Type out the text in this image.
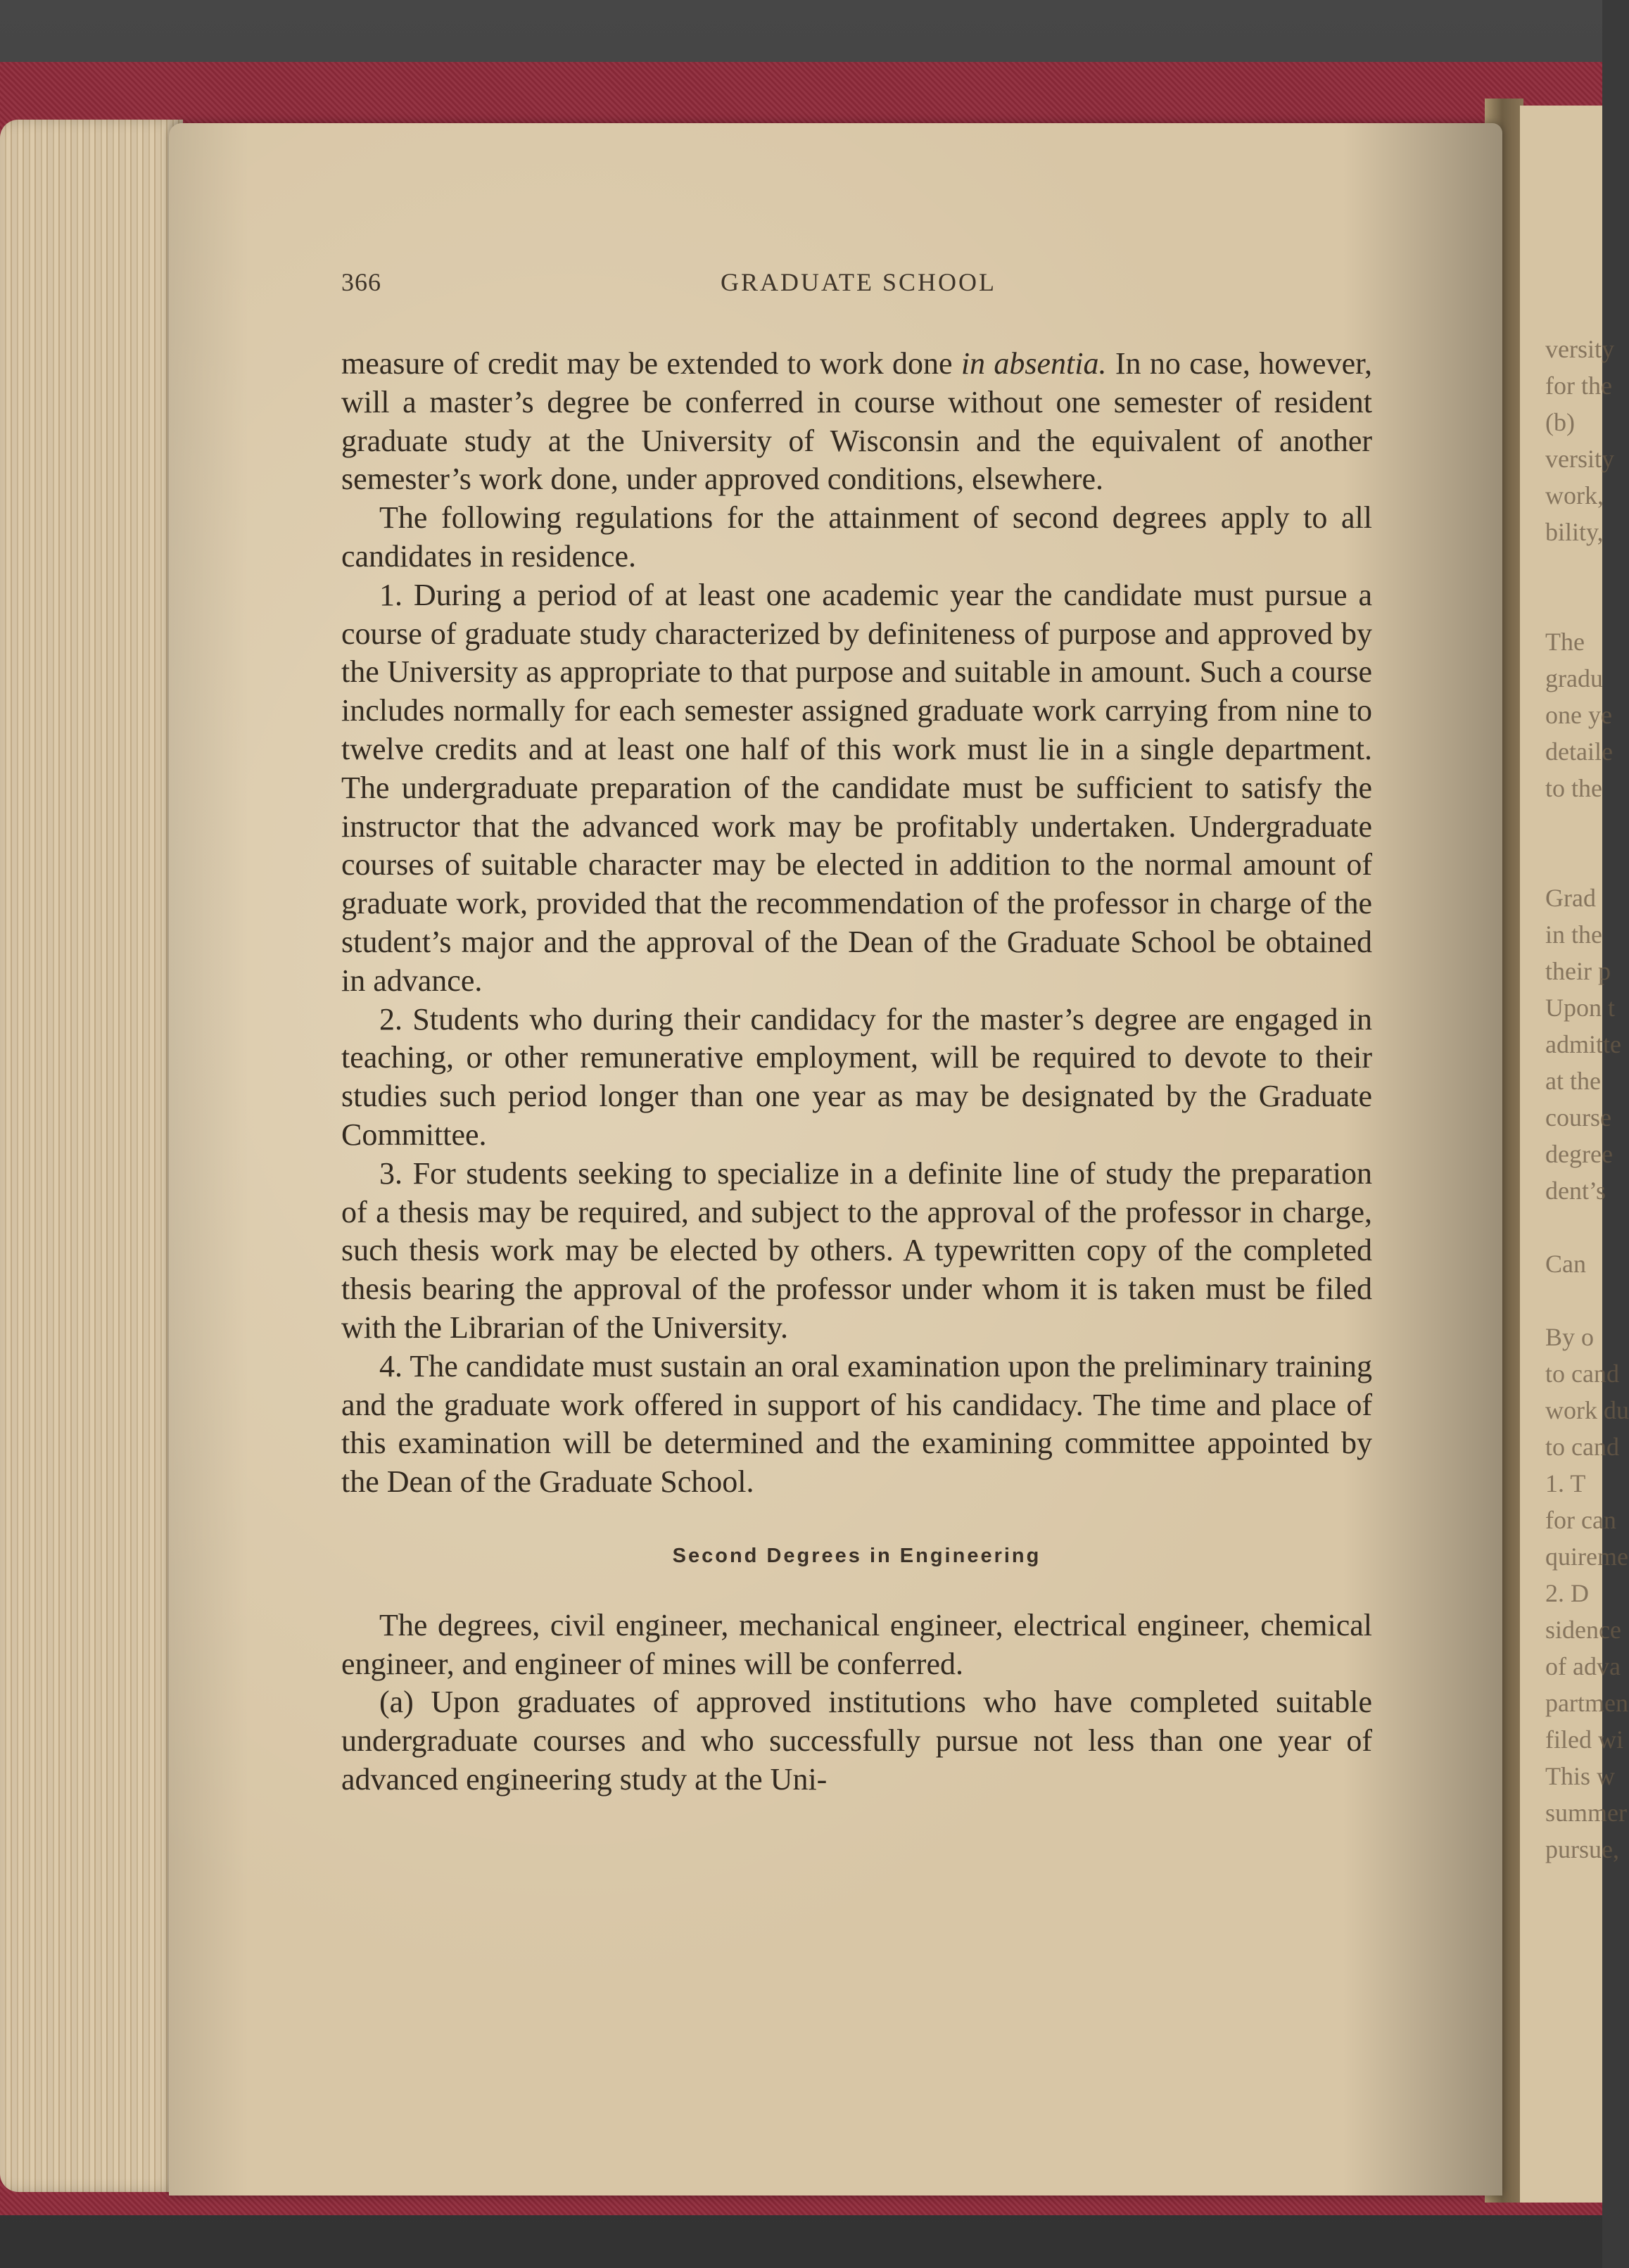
versity
for the
(b)
versity
work,
bility,

The
gradu
one ye
detaile
to the

Grad
in the
their p
Upon t
admitte
at the
course
degree
dent’s

Can

By o
to cand
work du
to cand
1. T
for can
quireme
2. D
sidence
of adva
partmen
filed wi
This w
summer
pursue,
366	GRADUATE SCHOOL

measure of credit may be extended to work done in absentia. In no case, however, will a master’s degree be conferred in course without one semester of resident graduate study at the University of Wisconsin and the equivalent of another semester’s work done, under approved conditions, elsewhere.

The following regulations for the attainment of second degrees apply to all candidates in residence.

1. During a period of at least one academic year the candidate must pursue a course of graduate study characterized by definiteness of purpose and approved by the University as appropriate to that purpose and suitable in amount. Such a course includes normally for each semester assigned graduate work carrying from nine to twelve credits and at least one half of this work must lie in a single department. The undergraduate preparation of the candidate must be sufficient to satisfy the instructor that the advanced work may be profitably undertaken. Undergraduate courses of suitable character may be elected in addition to the normal amount of graduate work, provided that the recommendation of the professor in charge of the student’s major and the approval of the Dean of the Graduate School be obtained in advance.

2. Students who during their candidacy for the master’s degree are engaged in teaching, or other remunerative employment, will be required to devote to their studies such period longer than one year as may be designated by the Graduate Committee.

3. For students seeking to specialize in a definite line of study the preparation of a thesis may be required, and subject to the approval of the professor in charge, such thesis work may be elected by others. A typewritten copy of the completed thesis bearing the approval of the professor under whom it is taken must be filed with the Librarian of the University.

4. The candidate must sustain an oral examination upon the preliminary training and the graduate work offered in support of his candidacy. The time and place of this examination will be determined and the examining committee appointed by the Dean of the Graduate School.

Second Degrees in Engineering

The degrees, civil engineer, mechanical engineer, electrical engineer, chemical engineer, and engineer of mines will be conferred.

(a) Upon graduates of approved institutions who have completed suitable undergraduate courses and who successfully pursue not less than one year of advanced engineering study at the Uni-
